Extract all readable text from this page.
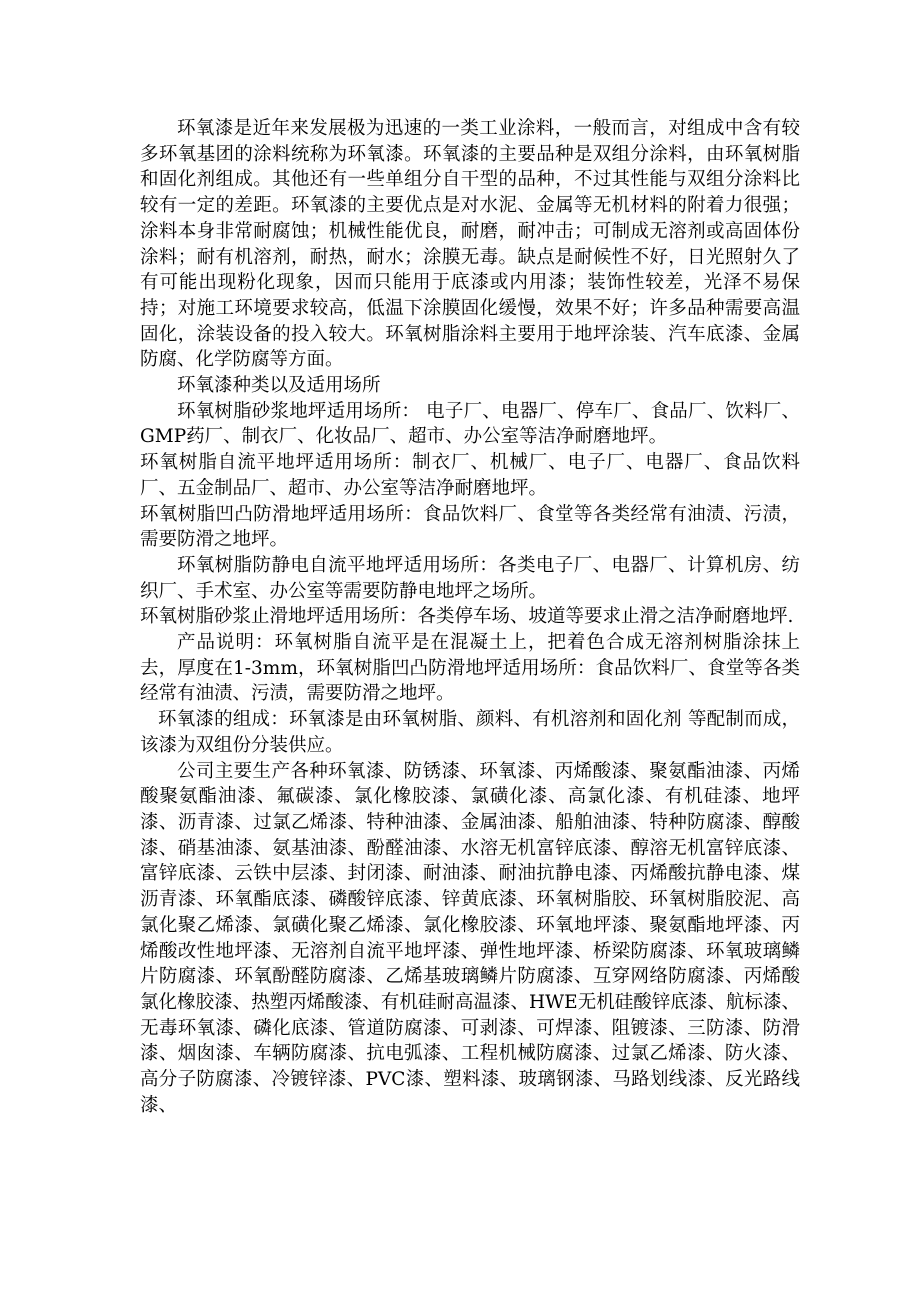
环氧漆是近年来发展极为迅速的一类工业涂料，一般而言，对组成中含有较多环氧基团的涂料统称为环氧漆。环氧漆的主要品种是双组分涂料，由环氧树脂和固化剂组成。其他还有一些单组分自干型的品种，不过其性能与双组分涂料比较有一定的差距。环氧漆的主要优点是对水泥、金属等无机材料的附着力很强；涂料本身非常耐腐蚀；机械性能优良，耐磨，耐冲击；可制成无溶剂或高固体份涂料；耐有机溶剂，耐热，耐水；涂膜无毒。缺点是耐候性不好，日光照射久了有可能出现粉化现象，因而只能用于底漆或内用漆；装饰性较差，光泽不易保持；对施工环境要求较高，低温下涂膜固化缓慢，效果不好；许多品种需要高温固化，涂装设备的投入较大。环氧树脂涂料主要用于地坪涂装、汽车底漆、金属防腐、化学防腐等方面。

环氧漆种类以及适用场所

环氧树脂砂浆地坪适用场所： 电子厂、电器厂、停车厂、食品厂、饮料厂、GMP药厂、制衣厂、化妆品厂、超市、办公室等洁净耐磨地坪。

环氧树脂自流平地坪适用场所：制衣厂、机械厂、电子厂、电器厂、食品饮料厂、五金制品厂、超市、办公室等洁净耐磨地坪。

环氧树脂凹凸防滑地坪适用场所：食品饮料厂、食堂等各类经常有油渍、污渍，需要防滑之地坪。

环氧树脂防静电自流平地坪适用场所：各类电子厂、电器厂、计算机房、纺织厂、手术室、办公室等需要防静电地坪之场所。

环氧树脂砂浆止滑地坪适用场所：各类停车场、坡道等要求止滑之洁净耐磨地坪.

产品说明：环氧树脂自流平是在混凝土上，把着色合成无溶剂树脂涂抹上去，厚度在1-3mm，环氧树脂凹凸防滑地坪适用场所：食品饮料厂、食堂等各类经常有油渍、污渍，需要防滑之地坪。

环氧漆的组成：环氧漆是由环氧树脂、颜料、有机溶剂和固化剂 等配制而成，该漆为双组份分装供应。

公司主要生产各种环氧漆、防锈漆、环氧漆、丙烯酸漆、聚氨酯油漆、丙烯酸聚氨酯油漆、氟碳漆、氯化橡胶漆、氯磺化漆、高氯化漆、有机硅漆、地坪漆、沥青漆、过氯乙烯漆、特种油漆、金属油漆、船舶油漆、特种防腐漆、醇酸漆、硝基油漆、氨基油漆、酚醛油漆、水溶无机富锌底漆、醇溶无机富锌底漆、富锌底漆、云铁中层漆、封闭漆、耐油漆、耐油抗静电漆、丙烯酸抗静电漆、煤沥青漆、环氧酯底漆、磷酸锌底漆、锌黄底漆、环氧树脂胶、环氧树脂胶泥、高氯化聚乙烯漆、氯磺化聚乙烯漆、氯化橡胶漆、环氧地坪漆、聚氨酯地坪漆、丙烯酸改性地坪漆、无溶剂自流平地坪漆、弹性地坪漆、桥梁防腐漆、环氧玻璃鳞片防腐漆、环氧酚醛防腐漆、乙烯基玻璃鳞片防腐漆、互穿网络防腐漆、丙烯酸氯化橡胶漆、热塑丙烯酸漆、有机硅耐高温漆、HWE无机硅酸锌底漆、航标漆、无毒环氧漆、磷化底漆、管道防腐漆、可剥漆、可焊漆、阻镀漆、三防漆、防滑漆、烟囱漆、车辆防腐漆、抗电弧漆、工程机械防腐漆、过氯乙烯漆、防火漆、高分子防腐漆、冷镀锌漆、PVC漆、塑料漆、玻璃钢漆、马路划线漆、反光路线漆、
